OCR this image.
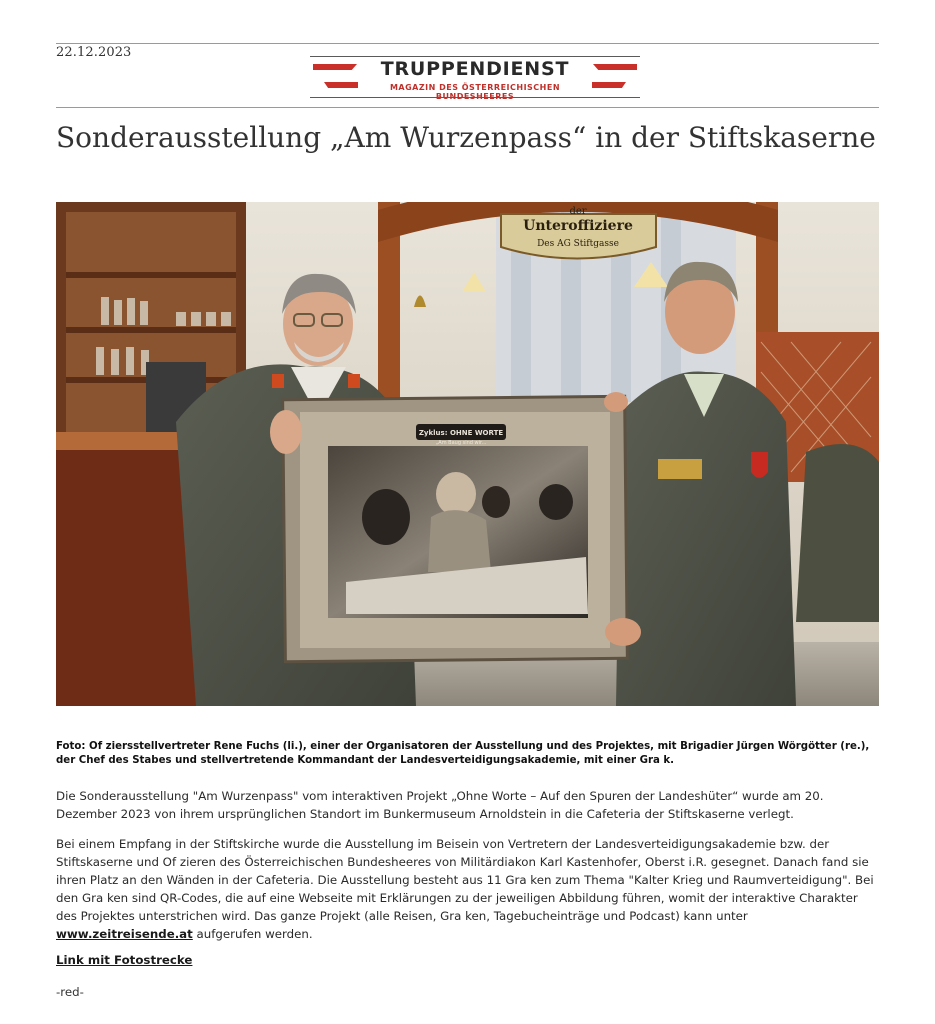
22.12.2023
TRUPPENDIENST
MAGAZIN DES ÖSTERREICHISCHEN
Sonderausstellung „Am Wurzenpass“ in der Stiftskaserne
der
Unteroffiziere
Des AG Stiftgasse
Zyklus: OHNE WORTE
„Am Baug sind wir...
Foto: Of ziersstellvertreter Rene Fuchs (li.), einer der Organisatoren der Ausstellung und des Projektes, mit Brigadier Jürgen Wörgötter (re.), der Chef des Stabes und stellvertretende Kommandant der Landesverteidigungsakademie, mit einer Gra k.

Die Sonderausstellung "Am Wurzenpass" vom interaktiven Projekt „Ohne Worte – Auf den Spuren der Landeshüter“ wurde am 20. Dezember 2023 von ihrem ursprünglichen Standort im Bunkermuseum Arnoldstein in die Cafeteria der Stiftskaserne verlegt.

Bei einem Empfang in der Stiftskirche wurde die Ausstellung im Beisein von Vertretern der Landesverteidigungsakademie bzw. der Stiftskaserne und Of zieren des Österreichischen Bundesheeres von Militärdiakon Karl Kastenhofer, Oberst i.R. gesegnet. Danach fand sie ihren Platz an den Wänden in der Cafeteria. Die Ausstellung besteht aus 11 Gra ken zum Thema "Kalter Krieg und Raumverteidigung". Bei den Gra ken sind QR-Codes, die auf eine Webseite mit Erklärungen zu der jeweiligen Abbildung führen, womit der interaktive Charakter des Projektes unterstrichen wird. Das ganze Projekt (alle Reisen, Gra ken, Tagebucheinträge und Podcast) kann unter
www.zeitreisende.at aufgerufen werden.

Link mit Fotostrecke
-red-
